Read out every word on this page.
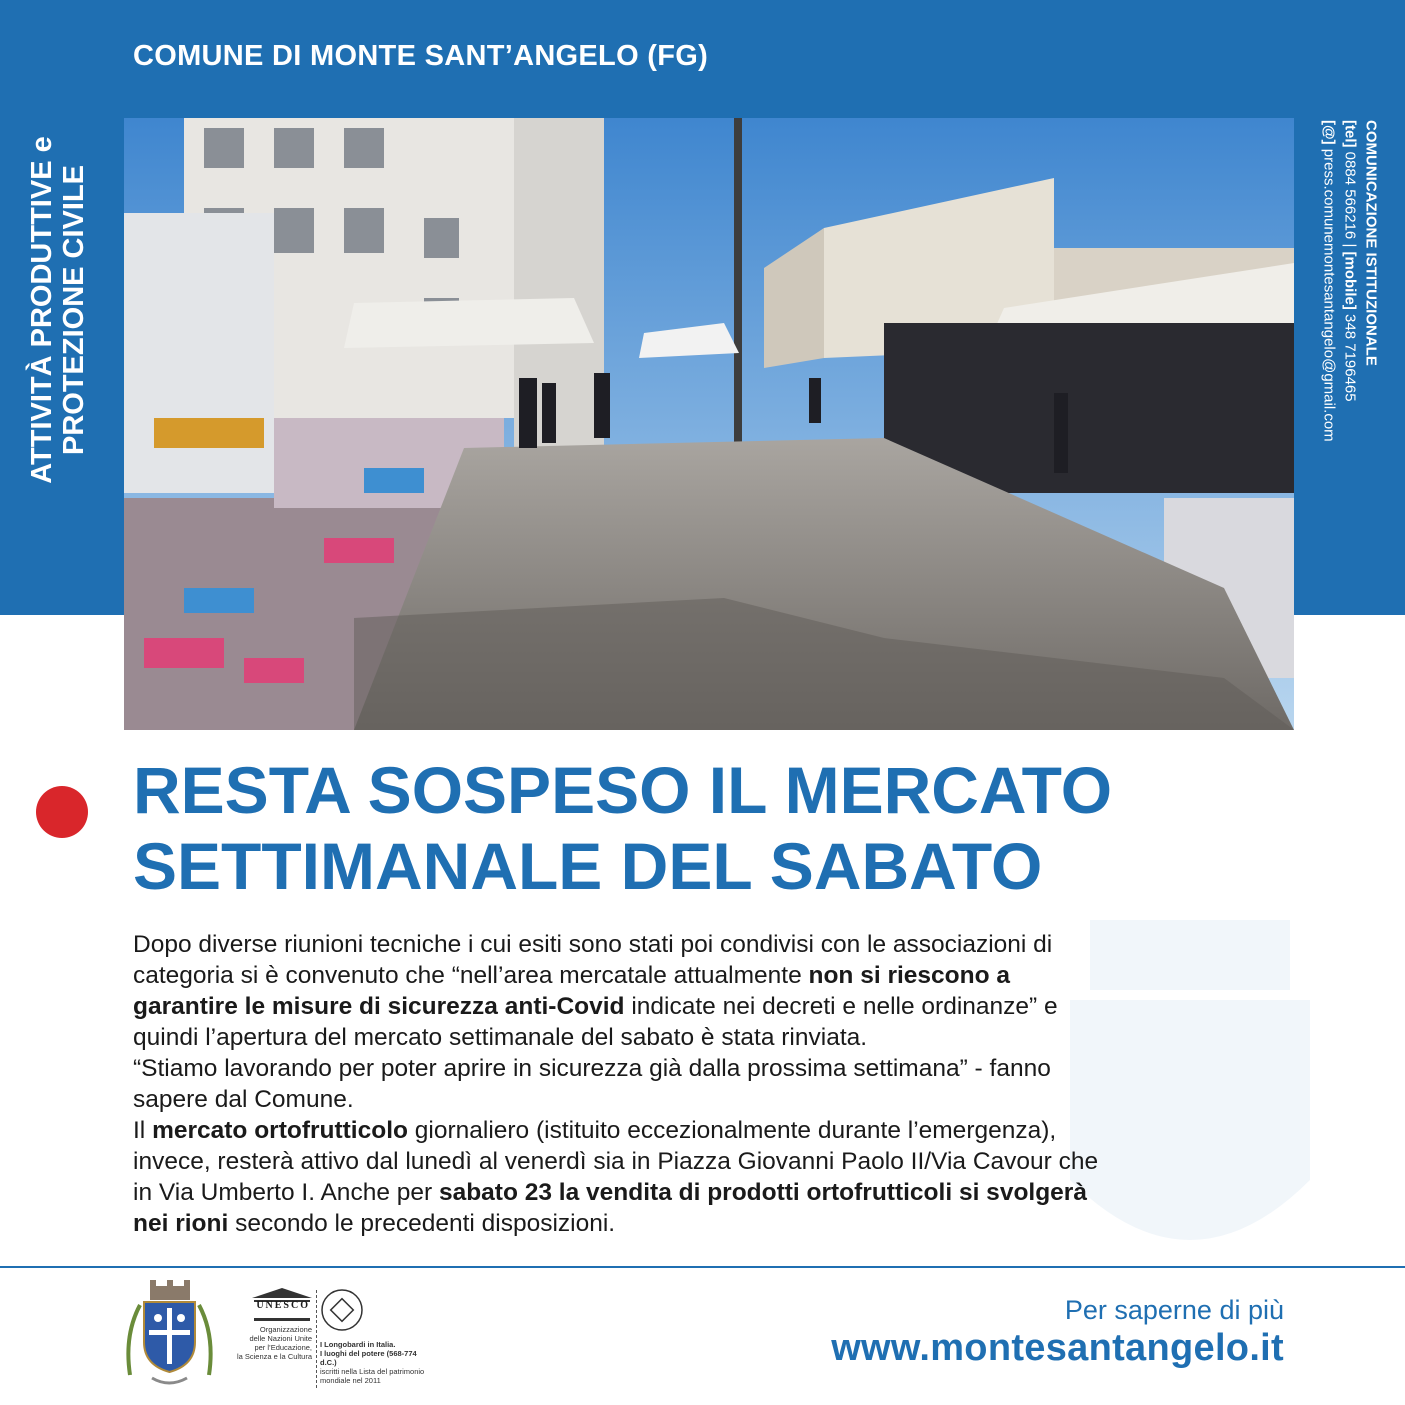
COMUNE DI MONTE SANT’ANGELO (FG)
ATTIVITÀ PRODUTTIVE e PROTEZIONE CIVILE	COMUNICAZIONE ISTITUZIONALE
[tel] 0884 566216 | [mobile] 348 7196465
[@] press.comunemontesantangelo@gmail.com
RESTA SOSPESO IL MERCATO
SETTIMANALE DEL SABATO

Dopo diverse riunioni tecniche i cui esiti sono stati poi condivisi con le associazioni di

categoria si è convenuto che “nell’area mercatale attualmente non si riescono a

garantire le misure di sicurezza anti-Covid indicate nei decreti e nelle ordinanze” e

quindi l’apertura del mercato settimanale del sabato è stata rinviata.

“Stiamo lavorando per poter aprire in sicurezza già dalla prossima settimana” - fanno

sapere dal Comune.

Il mercato ortofrutticolo giornaliero (istituito eccezionalmente durante l’emergenza),

invece, resterà attivo dal lunedì al venerdì sia in Piazza Giovanni Paolo II/Via Cavour che

in Via Umberto I. Anche per sabato 23 la vendita di prodotti ortofrutticoli si svolgerà

nei rioni secondo le precedenti disposizioni.

UNESCO
Organizzazione
delle Nazioni Unite
per l’Educazione,
la Scienza e la Cultura
I Longobardi in Italia.
I luoghi del potere (568-774 d.C.)
iscritti nella Lista del patrimonio
mondiale nel 2011
Per saperne di più
www.montesantangelo.it
